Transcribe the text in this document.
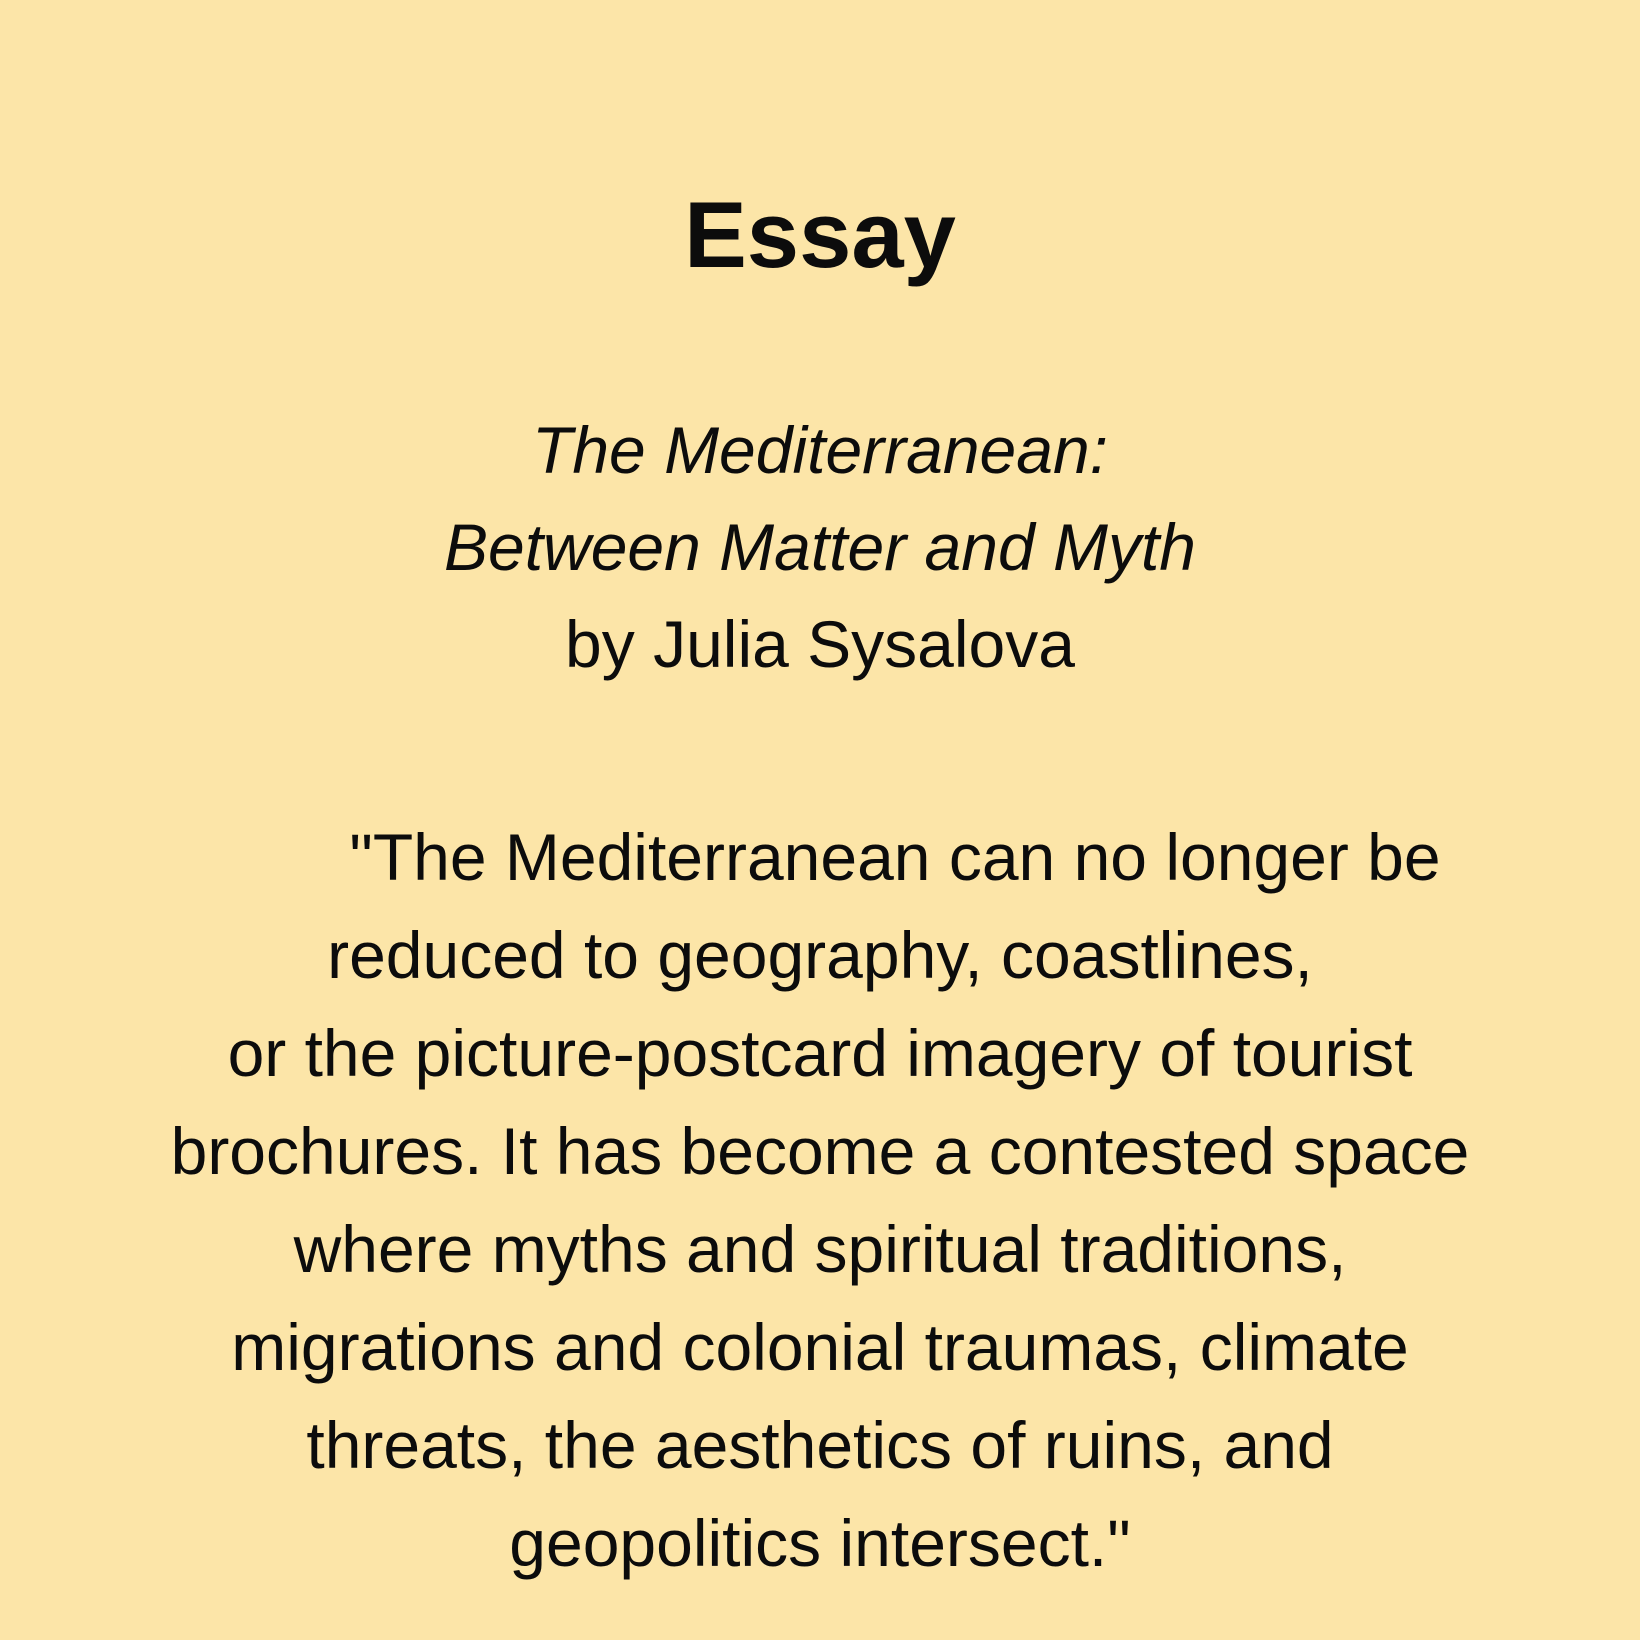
Essay
The Mediterranean:
Between Matter and Myth
by Julia Sysalova
"The Mediterranean can no longer be
reduced to geography, coastlines,
or the picture-postcard imagery of tourist
brochures. It has become a contested space
where myths and spiritual traditions,
migrations and colonial traumas, climate
threats, the aesthetics of ruins, and
geopolitics intersect."
